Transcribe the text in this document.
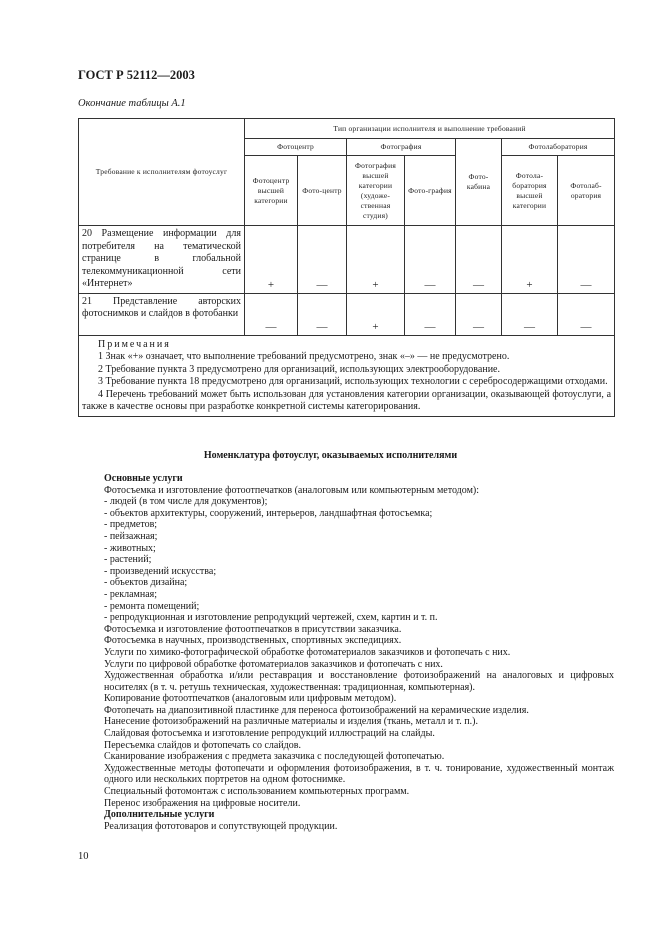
ГОСТ Р 52112—2003
Окончание таблицы А.1
Требование к исполнителям фотоуслуг	Тип организации исполнителя и выполнение требований						
	Фотоцентр		Фотография		Фото-кабина	Фотолаборатория	
	Фотоцентр высшей категории	Фото-центр	Фотография высшей категории (художе-ственная студия)	Фото-графия		Фотола-боратория высшей категории	Фотолаб-оратория
20 Размещение информации для потребителя на тематической странице в глобальной телекоммуникационной сети «Интернет»	+	—	+	—	—	+	—
21 Представление авторских фотоснимков и слайдов в фотобанки	—	—	+	—	—	—	—

Примечания

1 Знак «+» означает, что выполнение требований предусмотрено, знак «–» — не предусмотрено.

2 Требование пункта 3 предусмотрено для организаций, использующих электрооборудование.

3 Требование пункта 18 предусмотрено для организаций, использующих технологии с серебросодержащими отходами.

4 Перечень требований может быть использован для установления категории организации, оказывающей фотоуслуги, а также в качестве основы при разработке конкретной системы категорирования.							

Номенклатура фотоуслуг, оказываемых исполнителями
Основные услуги
Фотосъемка и изготовление фотоотпечатков (аналоговым или компьютерным методом):
- людей (в том числе для документов);
- объектов архитектуры, сооружений, интерьеров, ландшафтная фотосъемка;
- предметов;
- пейзажная;
- животных;
- растений;
- произведений искусства;
- объектов дизайна;
- рекламная;
- ремонта помещений;
- репродукционная и изготовление репродукций чертежей, схем, картин и т. п.
Фотосъемка и изготовление фотоотпечатков в присутствии заказчика.
Фотосъемка в научных, производственных, спортивных экспедициях.
Услуги по химико-фотографической обработке фотоматериалов заказчиков и фотопечать с них.
Услуги по цифровой обработке фотоматериалов заказчиков и фотопечать с них.
Художественная обработка и/или реставрация и восстановление фотоизображений на аналоговых и цифровых носителях (в т. ч. ретушь техническая, художественная: традиционная, компьютерная).
Копирование фотоотпечатков (аналоговым или цифровым методом).
Фотопечать на диапозитивной пластинке для переноса фотоизображений на керамические изделия.
Нанесение фотоизображений на различные материалы и изделия (ткань, металл и т. п.).
Слайдовая фотосъемка и изготовление репродукций иллюстраций на слайды.
Пересъемка слайдов и фотопечать со слайдов.
Сканирование изображения с предмета заказчика с последующей фотопечатью.
Художественные методы фотопечати и оформления фотоизображения, в т. ч. тонирование, художественный монтаж одного или нескольких портретов на одном фотоснимке.
Специальный фотомонтаж с использованием компьютерных программ.
Перенос изображения на цифровые носители.
Дополнительные услуги
Реализация фототоваров и сопутствующей продукции.
10
